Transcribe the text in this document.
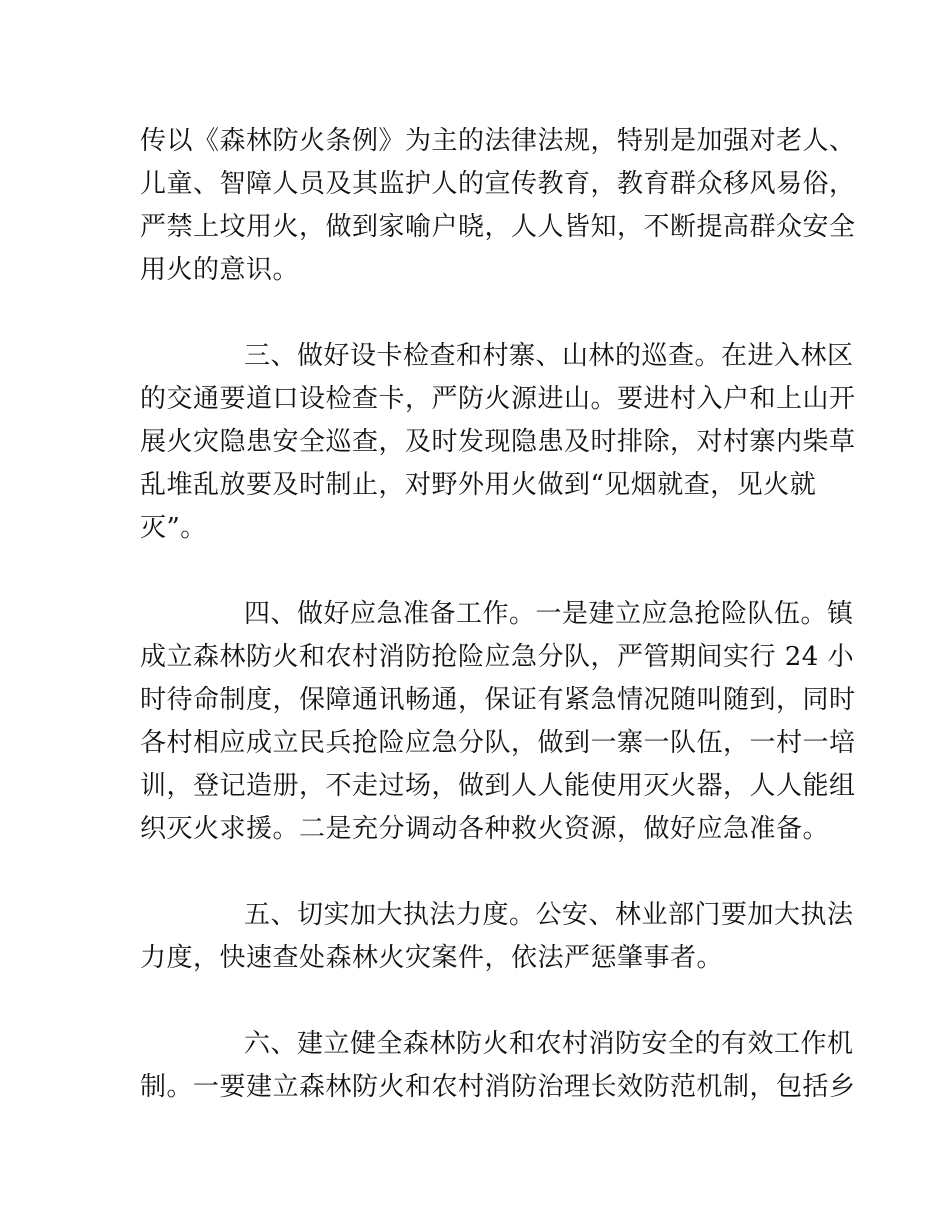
传以《森林防火条例》为主的法律法规，特别是加强对老人、

儿童、智障人员及其监护人的宣传教育，教育群众移风易俗，

严禁上坟用火，做到家喻户晓，人人皆知，不断提高群众安全

用火的意识。

三、做好设卡检查和村寨、山林的巡查。在进入林区

的交通要道口设检查卡，严防火源进山。要进村入户和上山开

展火灾隐患安全巡查，及时发现隐患及时排除，对村寨内柴草

乱堆乱放要及时制止，对野外用火做到“见烟就查，见火就

灭”。

四、做好应急准备工作。一是建立应急抢险队伍。镇

成立森林防火和农村消防抢险应急分队，严管期间实行 24 小

时待命制度，保障通讯畅通，保证有紧急情况随叫随到，同时

各村相应成立民兵抢险应急分队，做到一寨一队伍，一村一培

训，登记造册，不走过场，做到人人能使用灭火器，人人能组

织灭火求援。二是充分调动各种救火资源，做好应急准备。

五、切实加大执法力度。公安、林业部门要加大执法

力度，快速查处森林火灾案件，依法严惩肇事者。

六、建立健全森林防火和农村消防安全的有效工作机

制。一要建立森林防火和农村消防治理长效防范机制，包括乡
